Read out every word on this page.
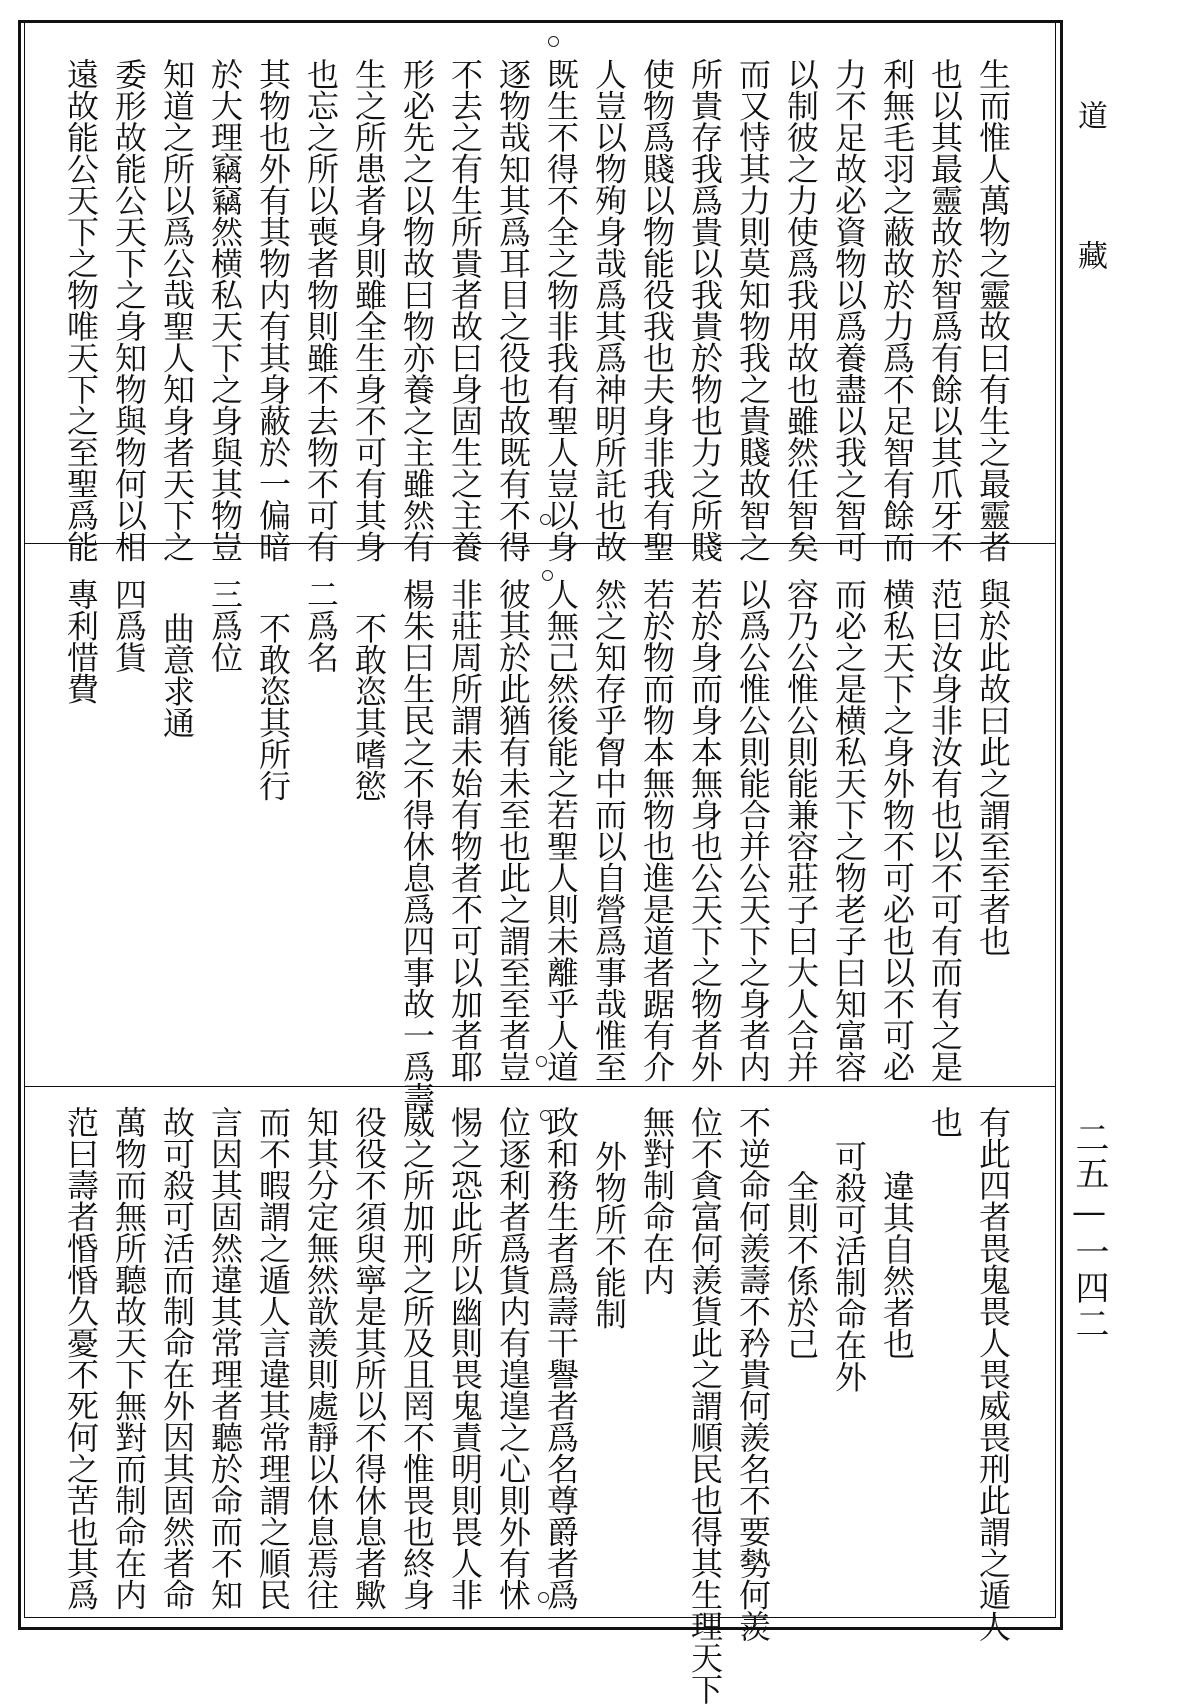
生而惟人萬物之靈故曰有生之最靈者
也以其最靈故於智爲有餘以其爪牙不
利無毛羽之蔽故於力爲不足智有餘而
力不足故必資物以爲養盡以我之智可
以制彼之力使爲我用故也雖然任智矣
而又恃其力則莫知物我之貴賤故智之
所貴存我爲貴以我貴於物也力之所賤
使物爲賤以物能役我也夫身非我有聖
人豈以物殉身哉爲其爲神明所託也故
既生不得不全之物非我有聖人豈以身
逐物哉知其爲耳目之役也故既有不得
不去之有生所貴者故曰身固生之主養
形必先之以物故曰物亦養之主雖然有
生之所患者身則雖全生身不可有其身
也忘之所以喪者物則雖不去物不可有
其物也外有其物内有其身蔽於一偏暗
於大理竊竊然横私天下之身與其物豈
知道之所以爲公哉聖人知身者天下之
委形故能公天下之身知物與物何以相
遠故能公天下之物唯天下之至聖爲能
與於此故曰此之謂至至者也
范曰汝身非汝有也以不可有而有之是
横私天下之身外物不可必也以不可必
而必之是横私天下之物老子曰知富容
容乃公惟公則能兼容莊子曰大人合并
以爲公惟公則能合并公天下之身者内
若於身而身本無身也公天下之物者外
若於物而物本無物也進是道者踞有介
然之知存乎胷中而以自營爲事哉惟至
人無己然後能之若聖人則未離乎人道
彼其於此猶有未至也此之謂至至者豈
非莊周所謂未始有物者不可以加者耶
楊朱曰生民之不得休息爲四事故一爲壽
不敢恣其嗜慾
二爲名
不敢恣其所行
三爲位
曲意求通
四爲貨
專利惜費
有此四者畏鬼畏人畏威畏刑此謂之遁人
也
違其自然者也
可殺可活制命在外
全則不係於己
不逆命何羨壽不矜貴何羨名不要勢何羨
位不貪富何羨貨此之謂順民也得其生理天下
無對制命在内
外物所不能制
政和務生者爲壽干譽者爲名尊爵者爲
位逐利者爲貨内有遑遑之心則外有怵
惕之恐此所以幽則畏鬼責明則畏人非
威之所加刑之所及且罔不惟畏也終身
役役不須臾寧是其所以不得休息者歟
知其分定無然歆羨則處靜以休息焉往
而不暇謂之遁人言違其常理謂之順民
言因其固然違其常理者聽於命而不知
故可殺可活而制命在外因其固然者命
萬物而無所聽故天下無對而制命在内
范曰壽者惛惛久憂不死何之苦也其爲
道藏
二五—一四二
